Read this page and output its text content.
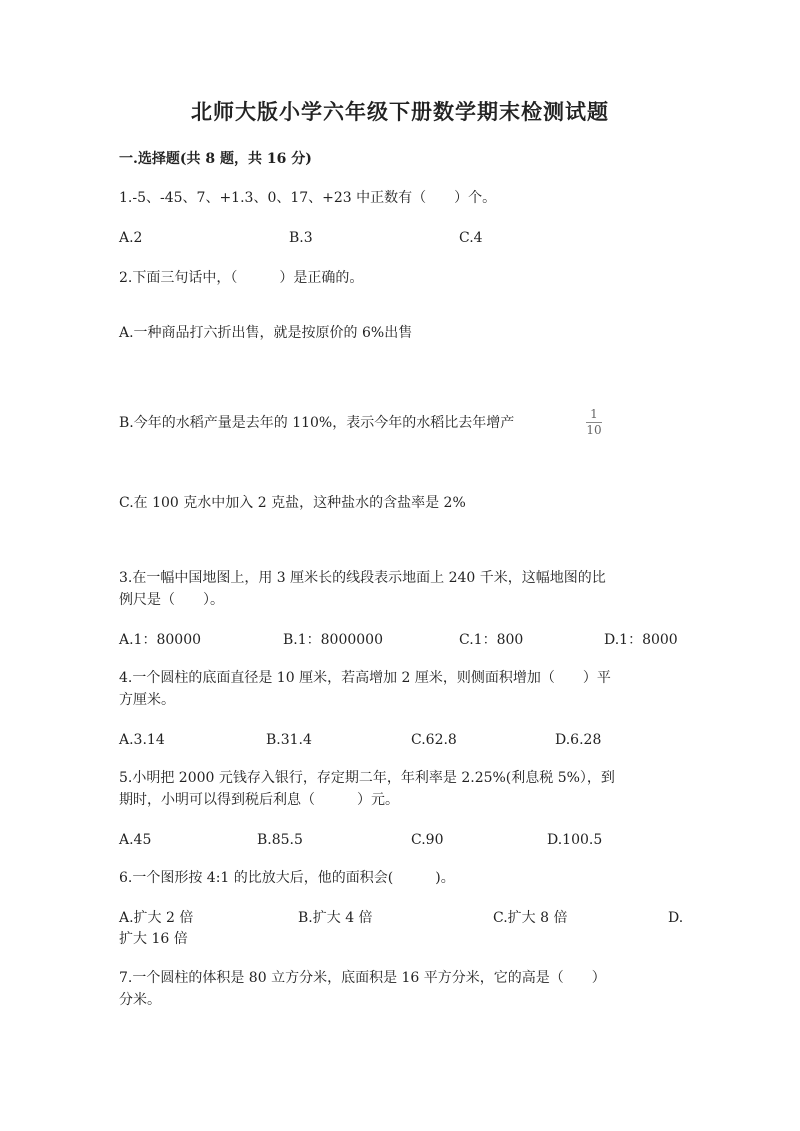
北师大版小学六年级下册数学期末检测试题
一.选择题(共 8 题，共 16 分)
1.-5、-45、7、+1.3、0、17、+23 中正数有（　　）个。
A.2	B.3	C.4
2.下面三句话中，（　　　）是正确的。
A.一种商品打六折出售，就是按原价的 6%出售
B.今年的水稻产量是去年的 110%，表示今年的水稻比去年增产
1
10
C.在 100 克水中加入 2 克盐，这种盐水的含盐率是 2%
3.在一幅中国地图上，用 3 厘米长的线段表示地面上 240 千米，这幅地图的比
例尺是（　　）。
A.1：80000	B.1：8000000	C.1：800	D.1：8000
4.一个圆柱的底面直径是 10 厘米，若高增加 2 厘米，则侧面积增加（　　）平
方厘米。
A.3.14	B.31.4	C.62.8	D.6.28
5.小明把 2000 元钱存入银行，存定期二年，年利率是 2.25%(利息税 5%），到
期时，小明可以得到税后利息（　　　）元。
A.45	B.85.5	C.90	D.100.5
6.一个图形按 4:1 的比放大后，他的面积会(　　　)。
A.扩大 2 倍	B.扩大 4 倍	C.扩大 8 倍	D.
扩大 16 倍
7.一个圆柱的体积是 80 立方分米，底面积是 16 平方分米，它的高是（　　）
分米。
